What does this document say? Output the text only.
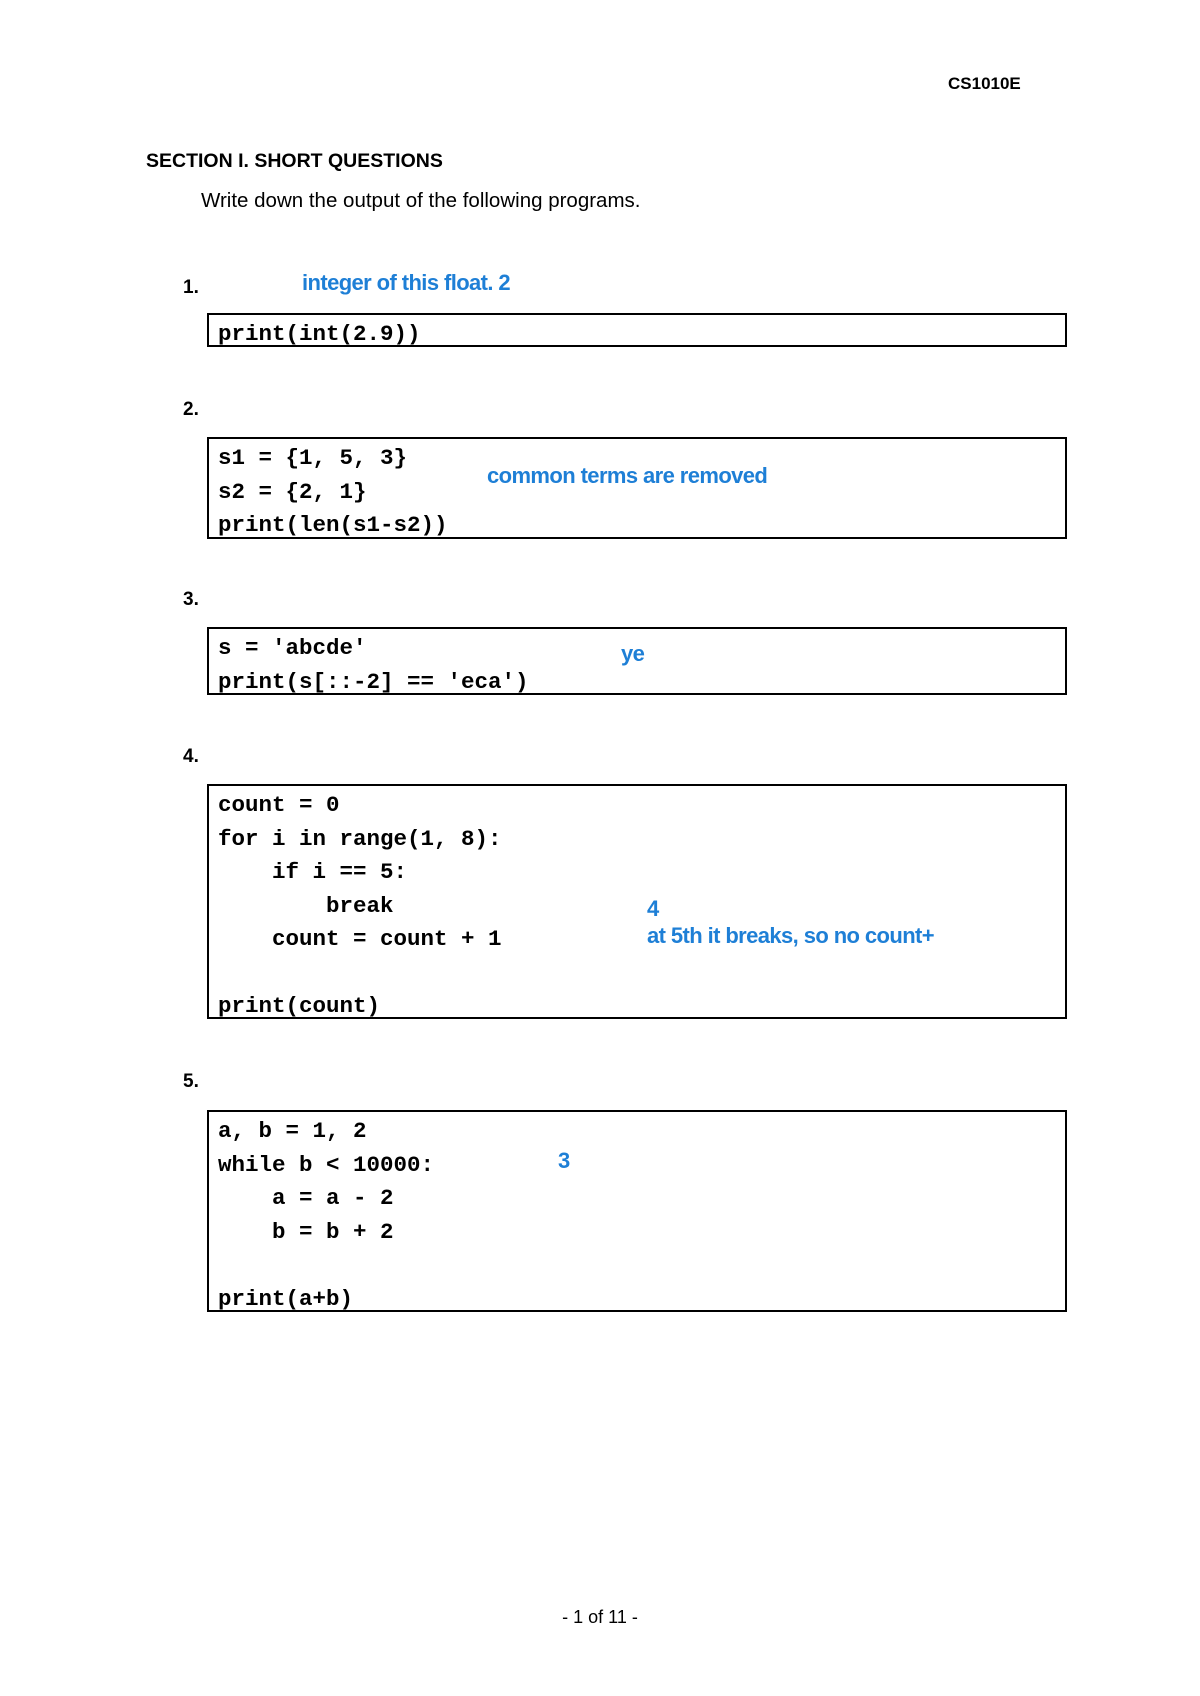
CS1010E
SECTION I. SHORT QUESTIONS
Write down the output of the following programs.
1.	integer of this float. 2
print(int(2.9))
2.
s1 = {1, 5, 3}
s2 = {2, 1}
print(len(s1-s2))
common terms are removed
3.
s = 'abcde'
print(s[::-2] == 'eca')
ye
4.
count = 0
for i in range(1, 8):
if i == 5:
break
count = count + 1
print(count)
4
at 5th it breaks, so no count+
5.
a, b = 1, 2
while b < 10000:
a = a - 2
b = b + 2
print(a+b)
3
- 1 of 11 -
